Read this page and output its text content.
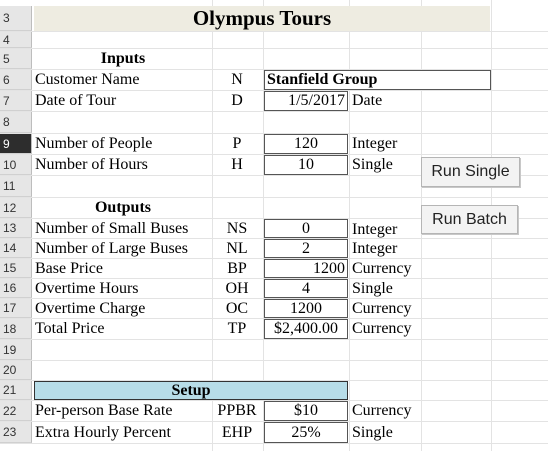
3	Olympus Tours
4
5	Inputs
6	Customer Name	N	Stanfield Group
7	Date of Tour	D	1/5/2017 Date
8
9	Number of People	P	120	Integer
10	Number of Hours	H	10	Single
11
12	Outputs
13	Number of Small Buses	NS	0	Integer
14	Number of Large Buses	NL	2	Integer
15	Base Price	BP	1200 Currency
16	Overtime Hours	OH	4	Single
17	Overtime Charge	OC	1200	Currency
18	Total Price	TP	$2,400.00 Currency
19
20
21	Setup
22	Per-person Base Rate	PPBR	$10	Currency
23	Extra Hourly Percent	EHP	25%	Single
Run Single
Run Batch
